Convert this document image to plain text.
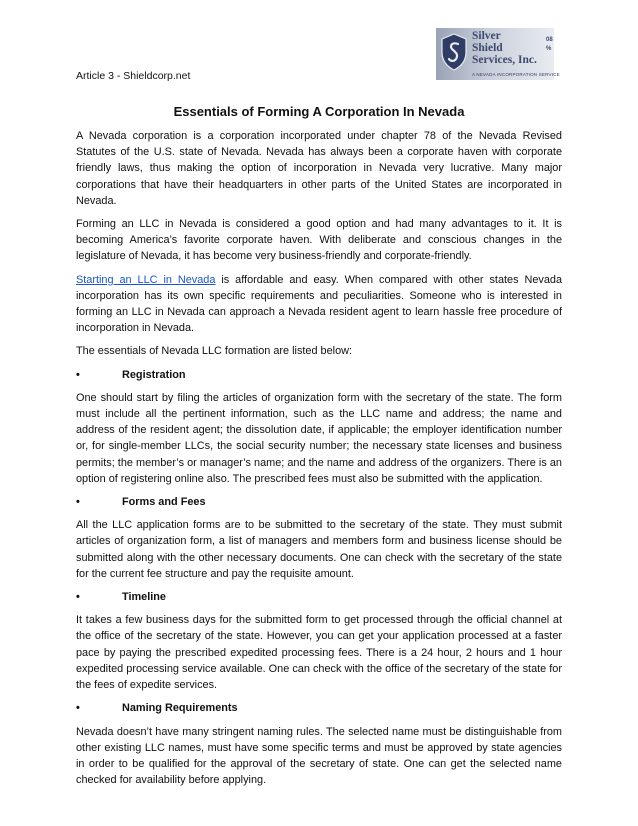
Article 3 - Shieldcorp.net
Silver
Shield
Services, Inc.
A NEVADA INCORPORATION SERVICE
08
%
Essentials of Forming A Corporation In Nevada

A Nevada corporation is a corporation incorporated under chapter 78 of the Nevada Revised Statutes of the U.S. state of Nevada. Nevada has always been a corporate haven with corporate friendly laws, thus making the option of incorporation in Nevada very lucrative. Many major corporations that have their headquarters in other parts of the United States are incorporated in Nevada.

Forming an LLC in Nevada is considered a good option and had many advantages to it. It is becoming America’s favorite corporate haven. With deliberate and conscious changes in the legislature of Nevada, it has become very business-friendly and corporate-friendly.

Starting an LLC in Nevada is affordable and easy. When compared with other states Nevada incorporation has its own specific requirements and peculiarities. Someone who is interested in forming an LLC in Nevada can approach a Nevada resident agent to learn hassle free procedure of incorporation in Nevada.

The essentials of Nevada LLC formation are listed below:

•	Registration

One should start by filing the articles of organization form with the secretary of the state. The form must include all the pertinent information, such as the LLC name and address; the name and address of the resident agent; the dissolution date, if applicable; the employer identification number or, for single-member LLCs, the social security number; the necessary state licenses and business permits; the member’s or manager’s name; and the name and address of the organizers. There is an option of registering online also. The prescribed fees must also be submitted with the application.

•	Forms and Fees

All the LLC application forms are to be submitted to the secretary of the state. They must submit articles of organization form, a list of managers and members form and business license should be submitted along with the other necessary documents. One can check with the secretary of the state for the current fee structure and pay the requisite amount.

•	Timeline

It takes a few business days for the submitted form to get processed through the official channel at the office of the secretary of the state. However, you can get your application processed at a faster pace by paying the prescribed expedited processing fees. There is a 24 hour, 2 hours and 1 hour expedited processing service available. One can check with the office of the secretary of the state for the fees of expedite services.

•	Naming Requirements

Nevada doesn’t have many stringent naming rules. The selected name must be distinguishable from other existing LLC names, must have some specific terms and must be approved by state agencies in order to be qualified for the approval of the secretary of state. One can get the selected name checked for availability before applying.
